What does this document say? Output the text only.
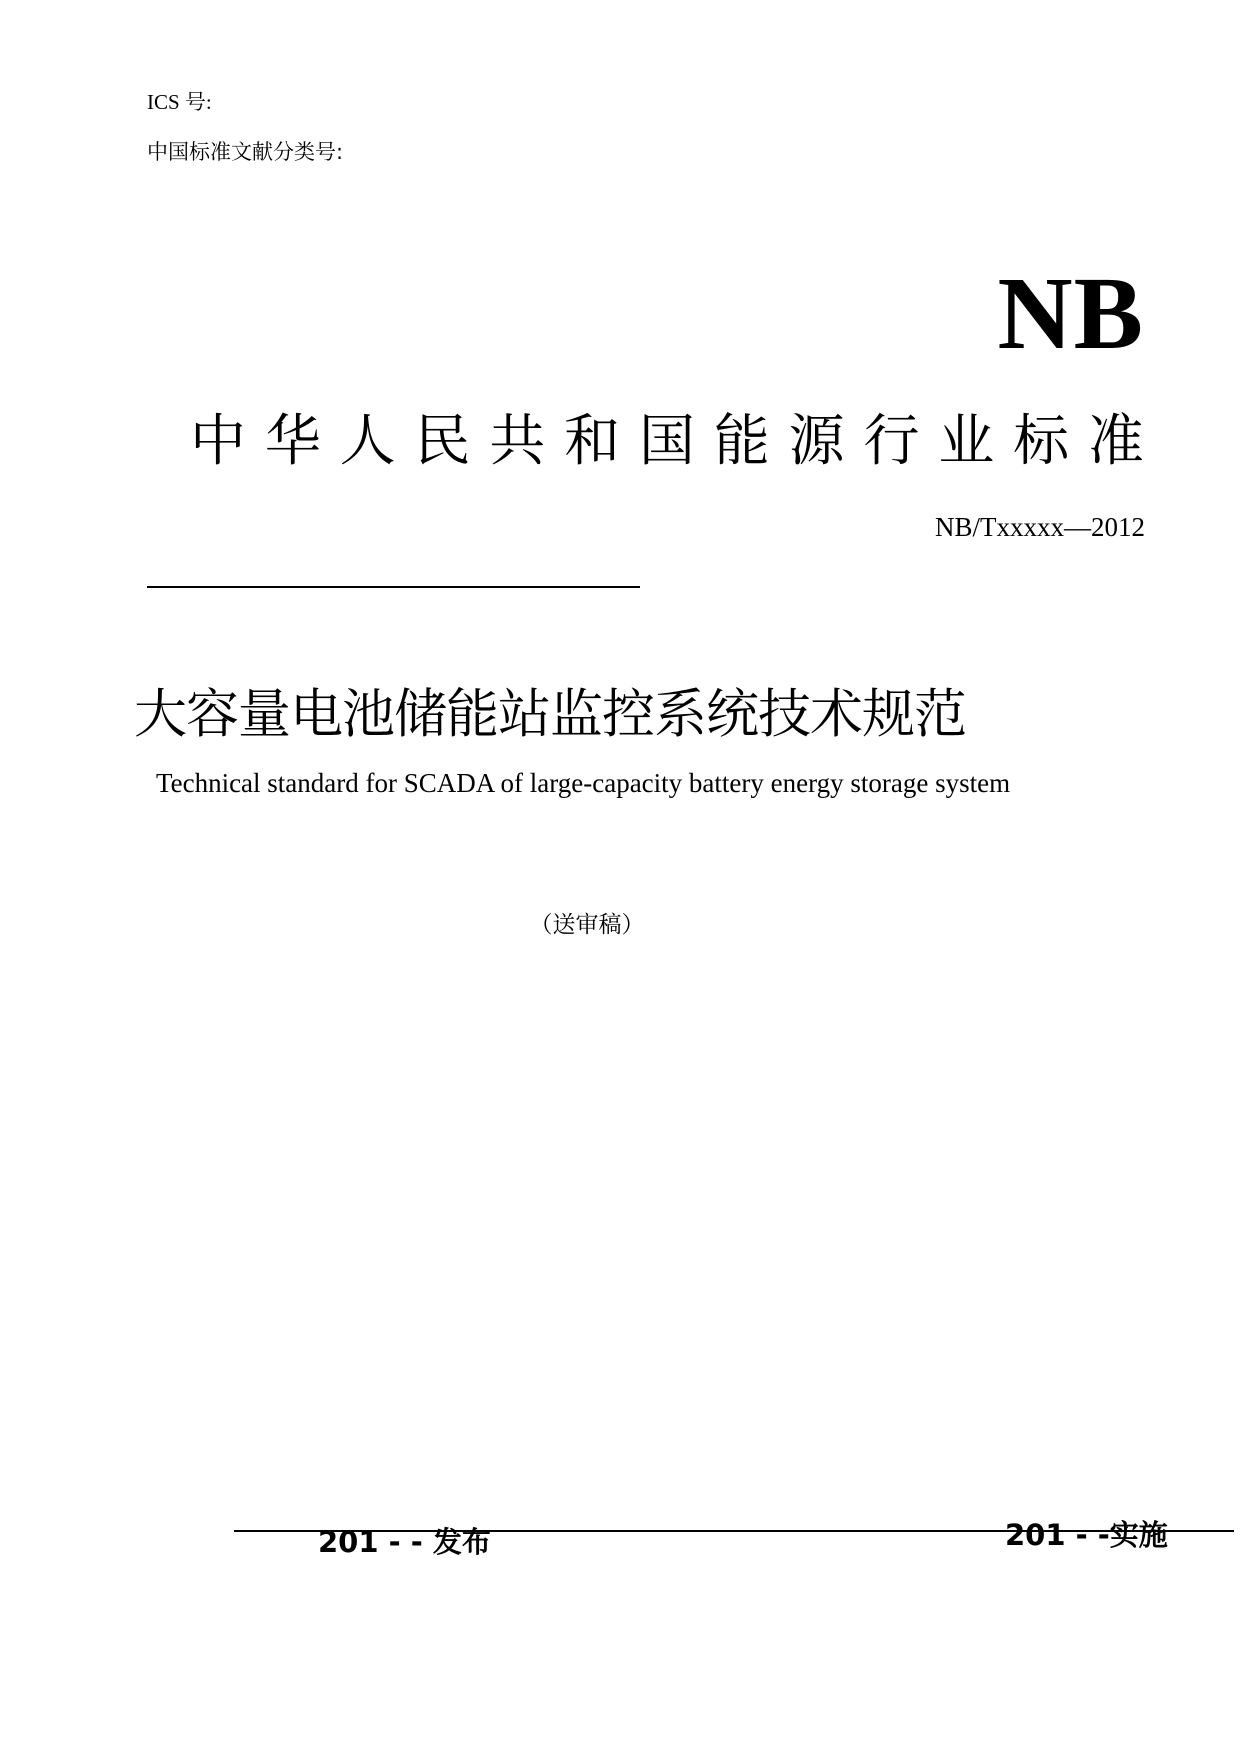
ICS 号:
中国标准文献分类号:
NB
中 华 人 民 共 和 国 能 源 行 业 标 准
NB/Txxxxx—2012
大容量电池储能站监控系统技术规范
Technical standard for SCADA of large-capacity battery energy storage system
（送审稿）
201 - - 发布	201 - -实施
